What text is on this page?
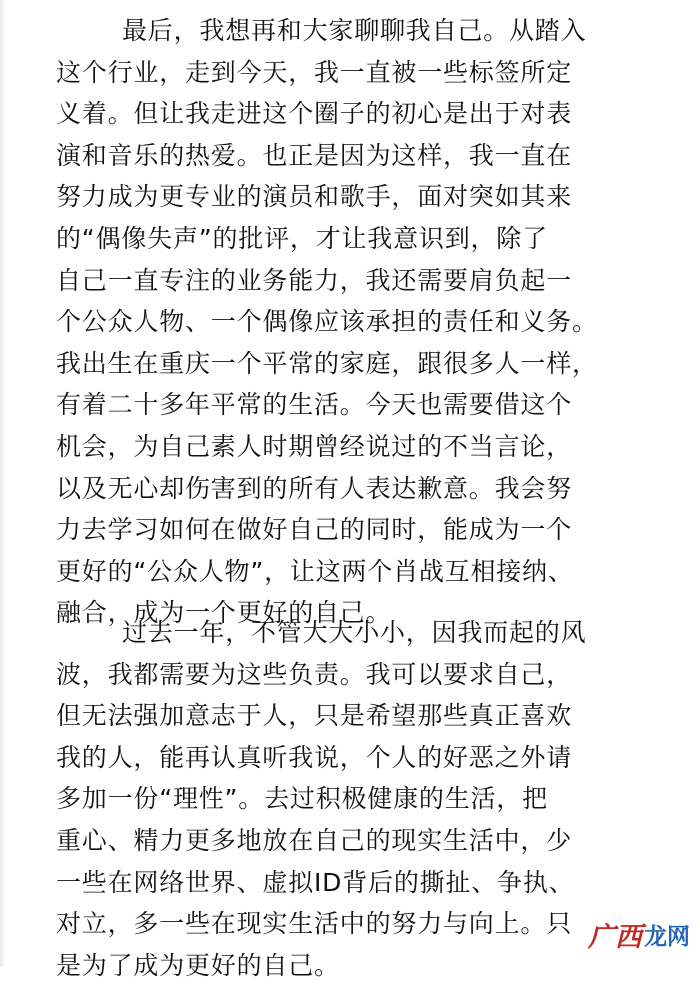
最后，我想再和大家聊聊我自己。从踏入
这个行业，走到今天，我一直被一些标签所定
义着。但让我走进这个圈子的初心是出于对表
演和音乐的热爱。也正是因为这样，我一直在
努力成为更专业的演员和歌手，面对突如其来
的“偶像失声”的批评，才让我意识到，除了
自己一直专注的业务能力，我还需要肩负起一
个公众人物、一个偶像应该承担的责任和义务。
我出生在重庆一个平常的家庭，跟很多人一样，
有着二十多年平常的生活。今天也需要借这个
机会，为自己素人时期曾经说过的不当言论，
以及无心却伤害到的所有人表达歉意。我会努
力去学习如何在做好自己的同时，能成为一个
更好的“公众人物”，让这两个肖战互相接纳、
融合，成为一个更好的自己。
过去一年，不管大大小小，因我而起的风
波，我都需要为这些负责。我可以要求自己，
但无法强加意志于人，只是希望那些真正喜欢
我的人，能再认真听我说，个人的好恶之外请
多加一份“理性”。去过积极健康的生活，把
重心、精力更多地放在自己的现实生活中，少
一些在网络世界、虚拟ID背后的撕扯、争执、
对立，多一些在现实生活中的努力与向上。只
是为了成为更好的自己。
广西 龙网
